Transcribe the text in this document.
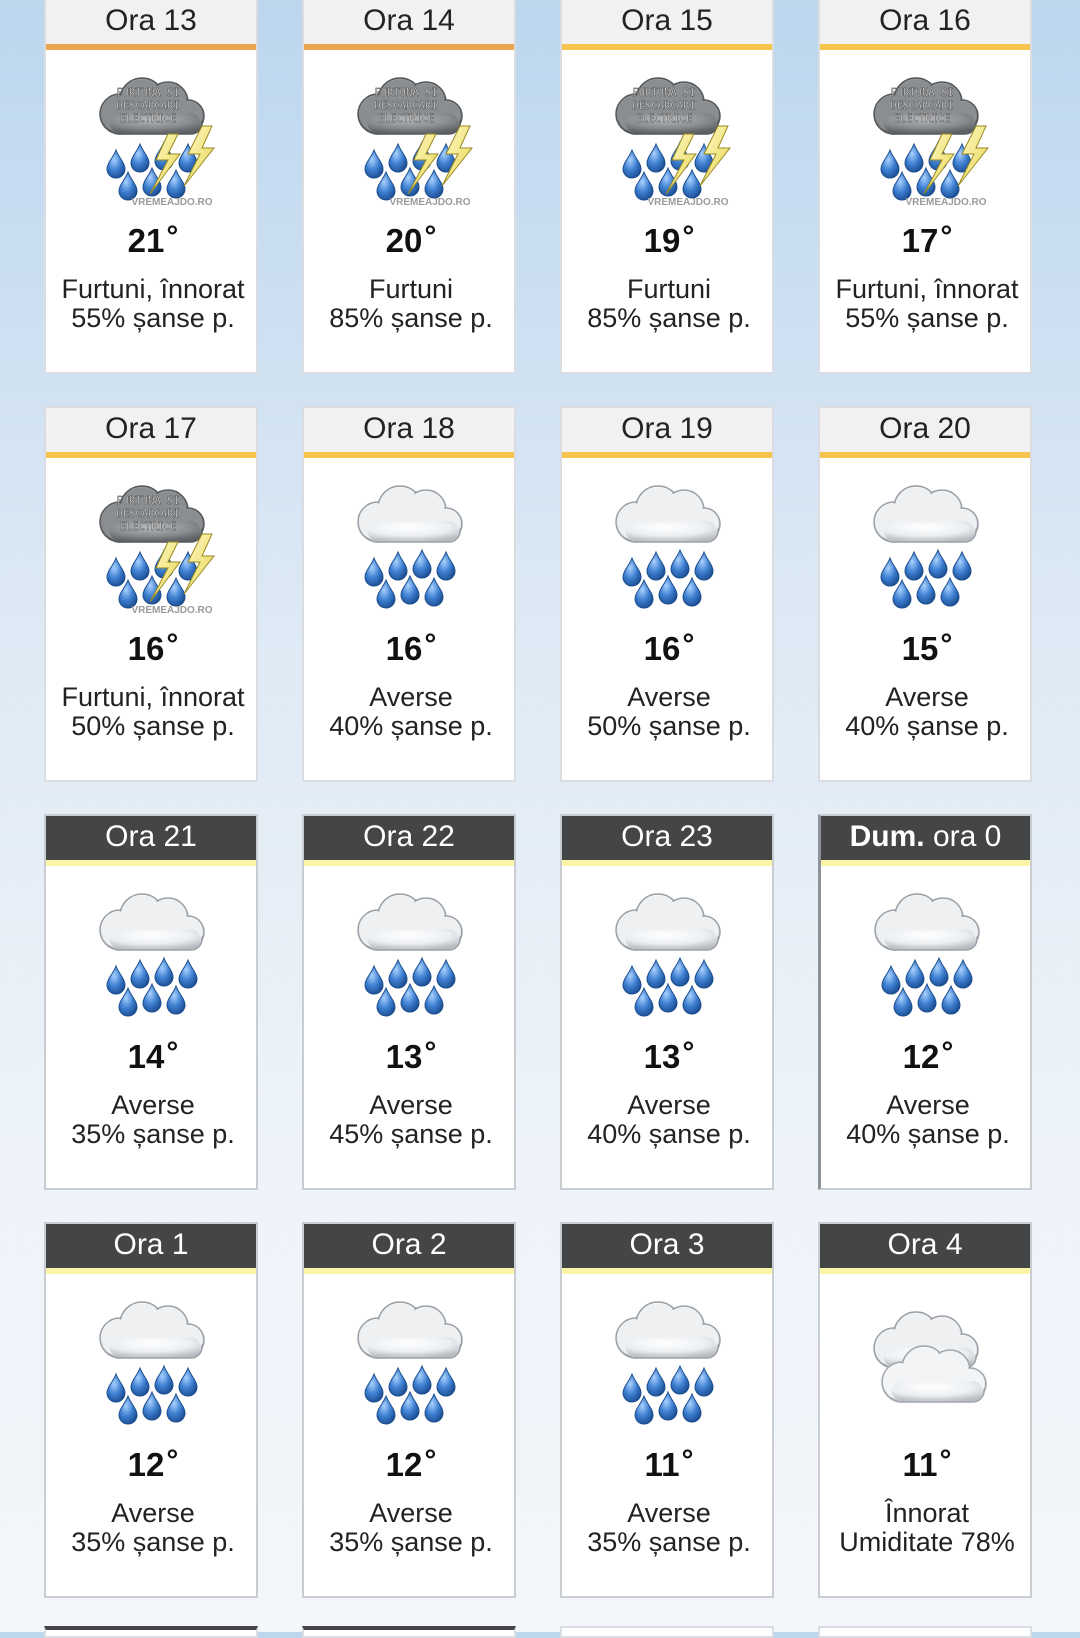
Ora 13
FURTUNA SI
DESCARCARI
ELECTRICE
VREMEAJDO.RO
21°
Furtuni, înnorat
55% șanse p.
Ora 14
FURTUNA SI
DESCARCARI
ELECTRICE
VREMEAJDO.RO
20°
Furtuni
85% șanse p.
Ora 15
FURTUNA SI
DESCARCARI
ELECTRICE
VREMEAJDO.RO
19°
Furtuni
85% șanse p.
Ora 16
FURTUNA SI
DESCARCARI
ELECTRICE
VREMEAJDO.RO
17°
Furtuni, înnorat
55% șanse p.
Ora 17
FURTUNA SI
DESCARCARI
ELECTRICE
VREMEAJDO.RO
16°
Furtuni, înnorat
50% șanse p.
Ora 18
16°
Averse
40% șanse p.
Ora 19
16°
Averse
50% șanse p.
Ora 20
15°
Averse
40% șanse p.
Ora 21
14°
Averse
35% șanse p.
Ora 22
13°
Averse
45% șanse p.
Ora 23
13°
Averse
40% șanse p.
Dum. ora 0
12°
Averse
40% șanse p.
Ora 1
12°
Averse
35% șanse p.
Ora 2
12°
Averse
35% șanse p.
Ora 3
11°
Averse
35% șanse p.
Ora 4
11°
Înnorat
Umiditate 78%
